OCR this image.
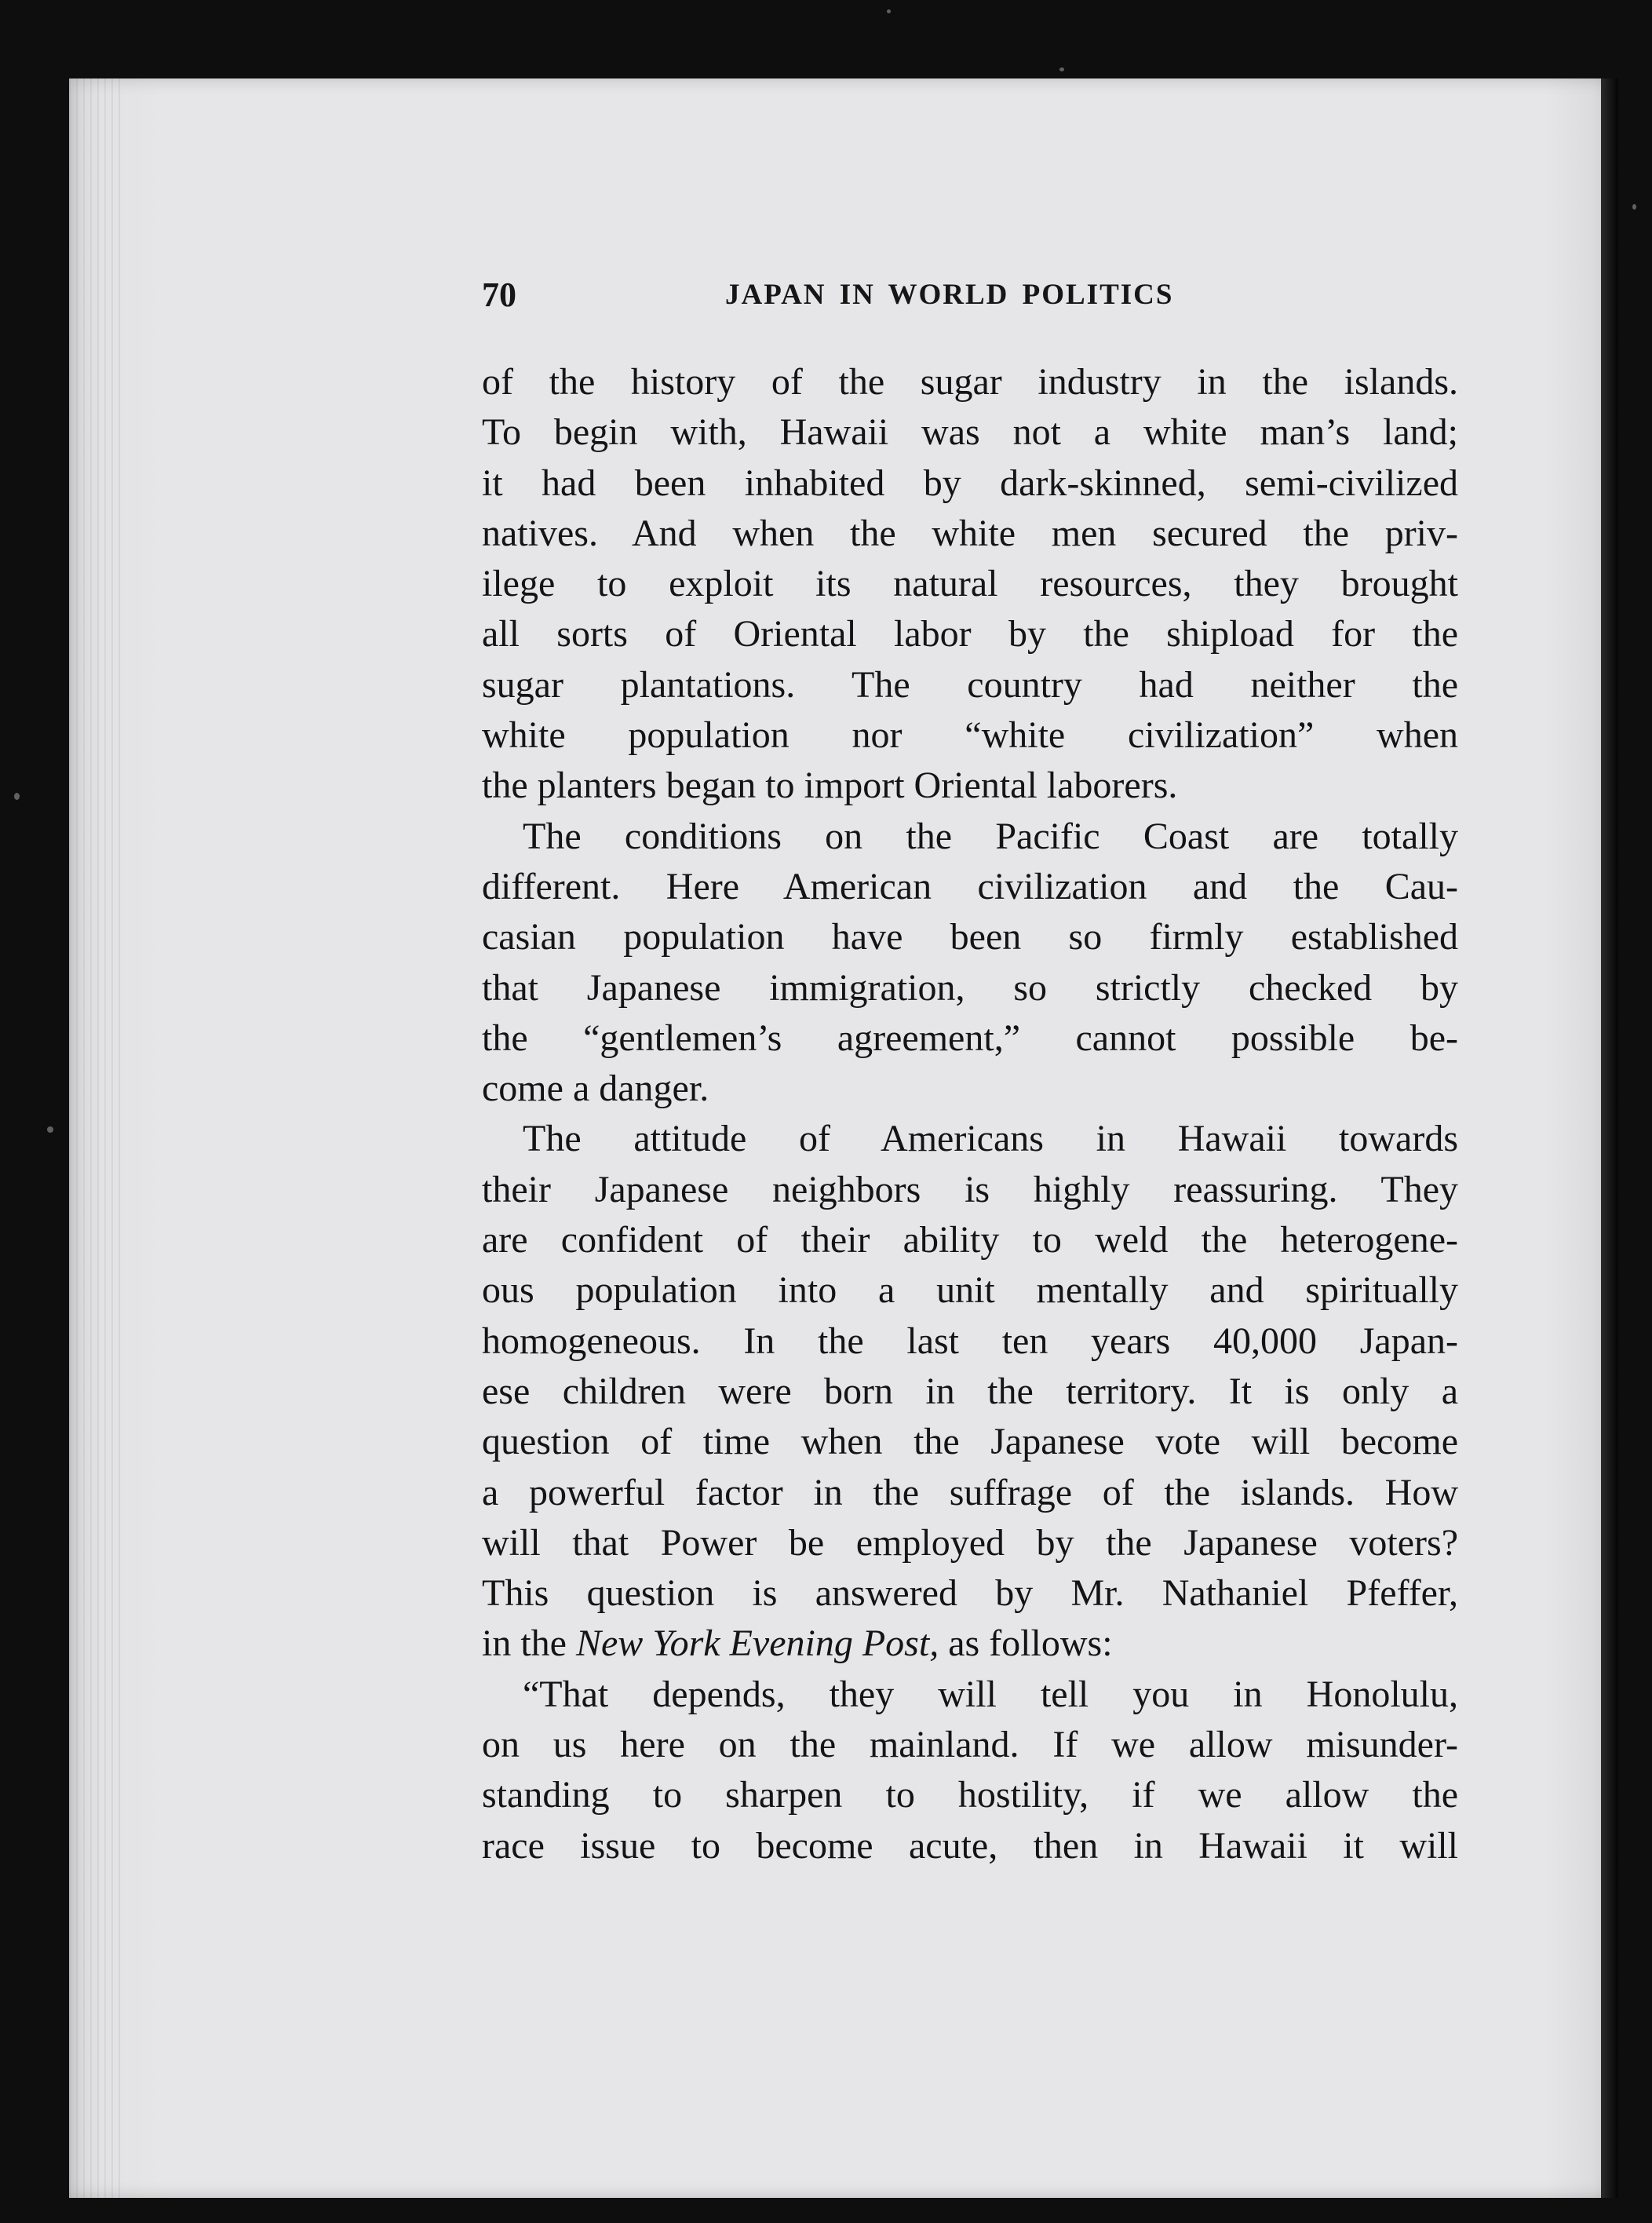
70	JAPAN IN WORLD POLITICS
of the history of the sugar industry in the islands.
To begin with, Hawaii was not a white man’s land;
it had been inhabited by dark-skinned, semi-civilized
natives. And when the white men secured the priv-
ilege to exploit its natural resources, they brought
all sorts of Oriental labor by the shipload for the
sugar plantations. The country had neither the
white population nor “white civilization” when
the planters began to import Oriental laborers.
The conditions on the Pacific Coast are totally
different. Here American civilization and the Cau-
casian population have been so firmly established
that Japanese immigration, so strictly checked by
the “gentlemen’s agreement,” cannot possible be-
come a danger.
The attitude of Americans in Hawaii towards
their Japanese neighbors is highly reassuring. They
are confident of their ability to weld the heterogene-
ous population into a unit mentally and spiritually
homogeneous. In the last ten years 40,000 Japan-
ese children were born in the territory. It is only a
question of time when the Japanese vote will become
a powerful factor in the suffrage of the islands. How
will that Power be employed by the Japanese voters?
This question is answered by Mr. Nathaniel Pfeffer,
in the New York Evening Post, as follows:
“That depends, they will tell you in Honolulu,
on us here on the mainland. If we allow misunder-
standing to sharpen to hostility, if we allow the
race issue to become acute, then in Hawaii it will
